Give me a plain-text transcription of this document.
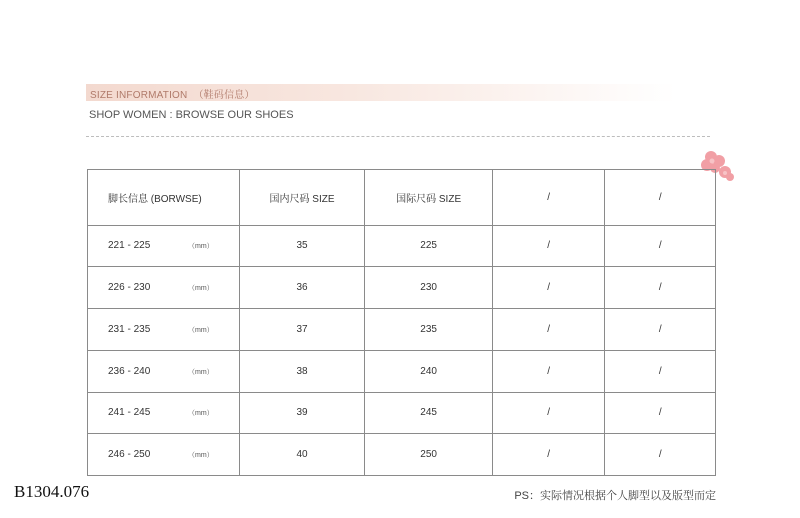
SIZE INFORMATION （鞋码信息）
SHOP WOMEN : BROWSE OUR SHOES
脚长信息 (BORWSE)	国内尺码 SIZE	国际尺码 SIZE	/	/
221 - 225 （mm）	35	225	/	/
226 - 230 （mm）	36	230	/	/
231 - 235 （mm）	37	235	/	/
236 - 240 （mm）	38	240	/	/
241 - 245 （mm）	39	245	/	/
246 - 250 （mm）	40	250	/	/
B1304.076	PS：实际情况根据个人脚型以及版型而定
